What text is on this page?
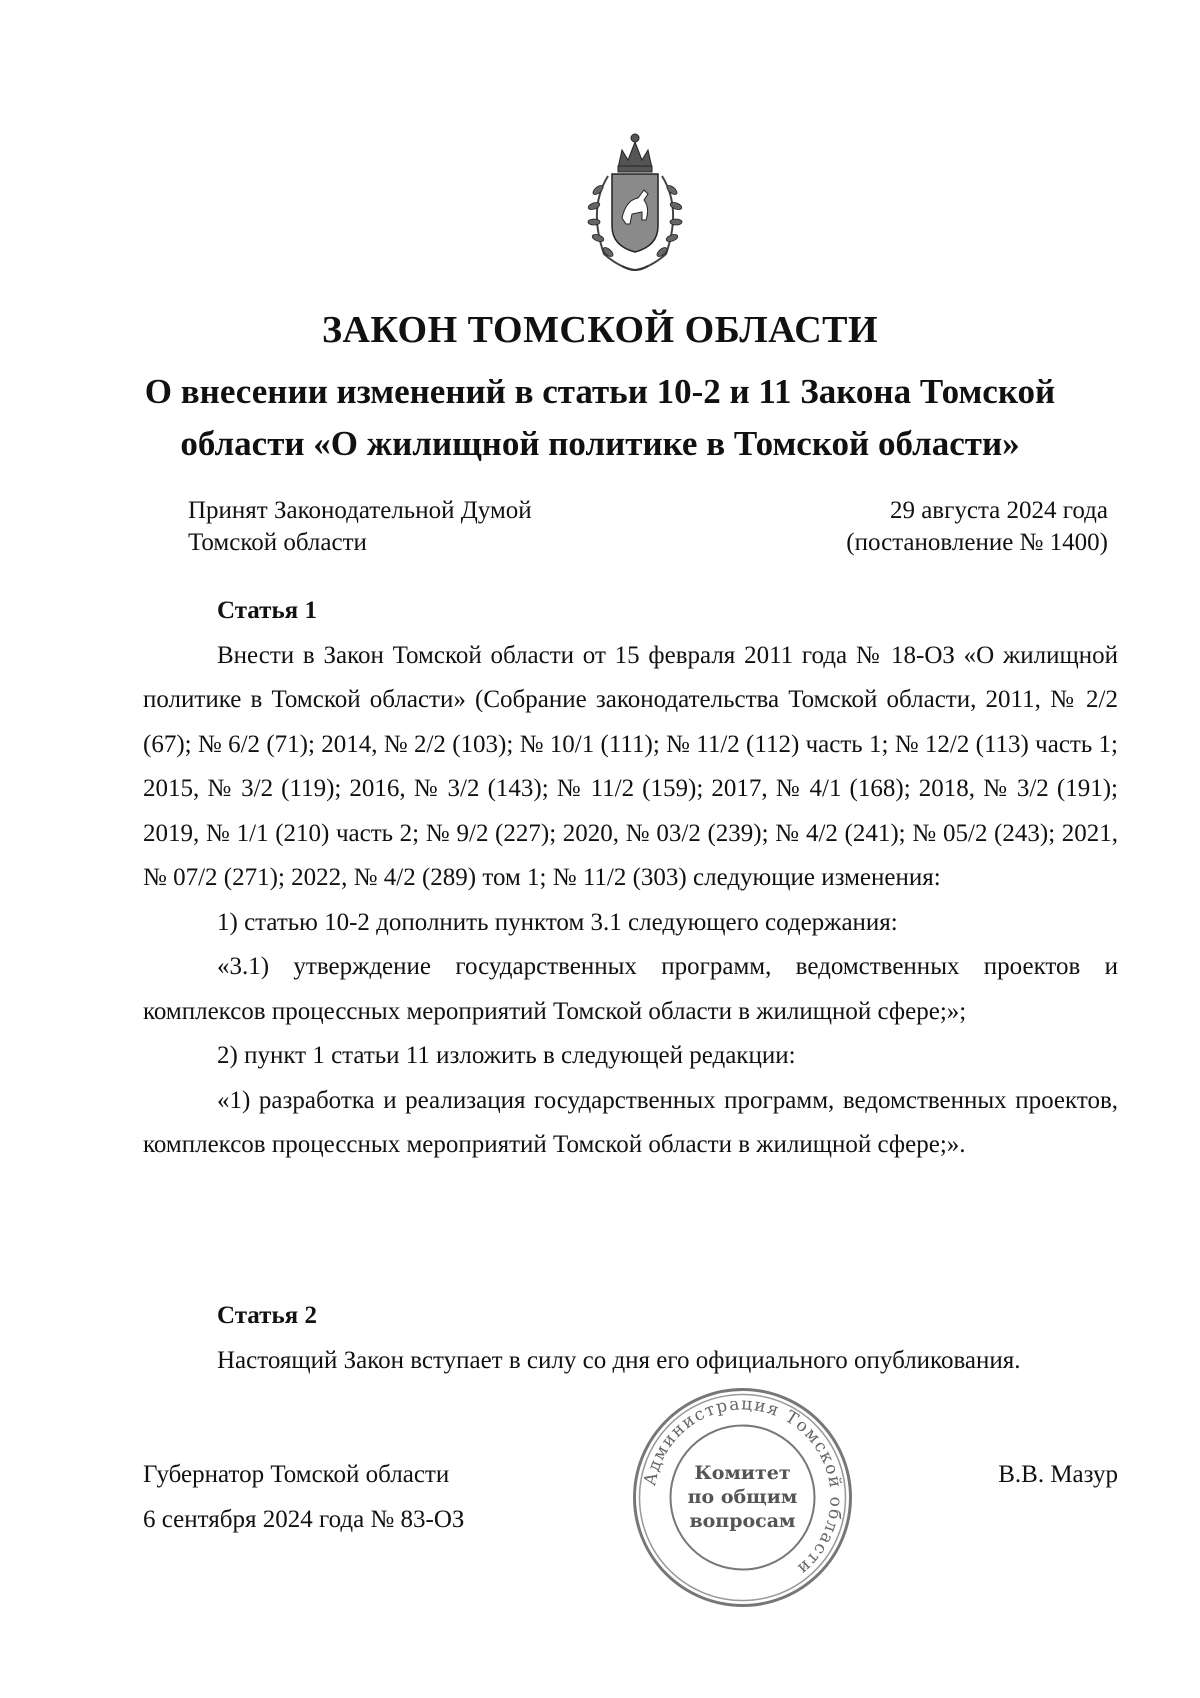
ЗАКОН ТОМСКОЙ ОБЛАСТИ
О внесении изменений в статьи 10-2 и 11 Закона Томской
области «О жилищной политике в Томской области»
Принят Законодательной Думой
Томской области
29 августа 2024 года
(постановление № 1400)

Статья 1

Внести в Закон Томской области от 15 февраля 2011 года № 18-ОЗ «О жилищной политике в Томской области» (Собрание законодательства Томской области, 2011, № 2/2 (67); № 6/2 (71); 2014, № 2/2 (103); № 10/1 (111); № 11/2 (112) часть 1; № 12/2 (113) часть 1; 2015, № 3/2 (119); 2016, № 3/2 (143); № 11/2 (159); 2017, № 4/1 (168); 2018, № 3/2 (191); 2019, № 1/1 (210) часть 2; № 9/2 (227); 2020, № 03/2 (239); № 4/2 (241); № 05/2 (243); 2021, № 07/2 (271); 2022, № 4/2 (289) том 1; № 11/2 (303) следующие изменения:

1) статью 10-2 дополнить пунктом 3.1 следующего содержания:

«3.1) утверждение государственных программ, ведомственных проектов и комплексов процессных мероприятий Томской области в жилищной сфере;»;

2) пункт 1 статьи 11 изложить в следующей редакции:

«1) разработка и реализация государственных программ, ведомственных проектов, комплексов процессных мероприятий Томской области в жилищной сфере;».

Статья 2

Настоящий Закон вступает в силу со дня его официального опубликования.

Губернатор Томской области
6 сентября 2024 года № 83-ОЗ
В.В. Мазур
Администрация Томской области
Комитет
по общим
вопросам
